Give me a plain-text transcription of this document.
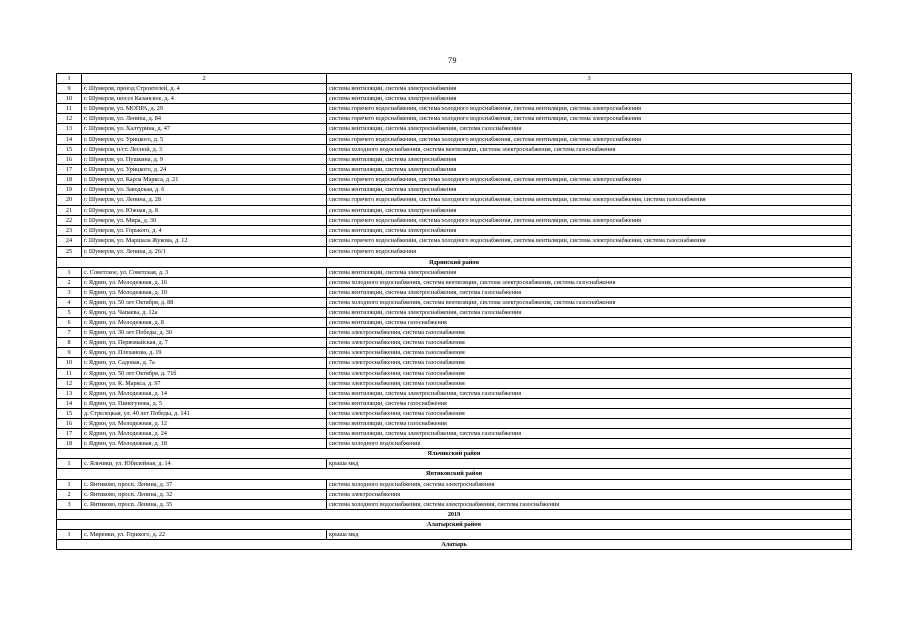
79
1	2	3
9	г. Шумерля, проезд Строителей, д. 4	система вентиляции, система электроснабжения
10	г. Шумерля, шоссе Казанское, д. 4	система вентиляции, система электроснабжения
11	г. Шумерля, ул. МОПРА, д. 29	система горячего водоснабжения, система холодного водоснабжения, система вентиляции, система электроснабжения
12	г. Шумерля, ул. Ленина, д. 84	система горячего водоснабжения, система холодного водоснабжения, система вентиляции, система электроснабжения
13	г. Шумерля, ул. Халтурина, д. 47	система вентиляции, система электроснабжения, система газоснабжения
14	г. Шумерля, ул. Урицкого, д. 5	система горячего водоснабжения, система холодного водоснабжения, система вентиляции, система электроснабжения
15	г. Шумерля, п/ст. Лесной, д. 3	система холодного водоснабжения, система вентиляции, система электроснабжения, система газоснабжения
16	г. Шумерля, ул. Пушкина, д. 9	система вентиляции, система электроснабжения
17	г. Шумерля, ул. Урицкого, д. 24	система вентиляции, система электроснабжения
18	г. Шумерля, ул. Карла Маркса, д. 21	система горячего водоснабжения, система холодного водоснабжения, система вентиляции, система электроснабжения
19	г. Шумерля, ул. Заводская, д. 6	система вентиляции, система электроснабжения
20	г. Шумерля, ул. Ленина, д. 28	система горячего водоснабжения, система холодного водоснабжения, система вентиляции, система электроснабжения, система газоснабжения
21	г. Шумерля, ул. Южная, д. 8	система вентиляции, система электроснабжения
22	г. Шумерля, ул. Мира, д. 30	система горячего водоснабжения, система холодного водоснабжения, система вентиляции, система электроснабжения
23	г. Шумерля, ул. Горького, д. 4	система вентиляции, система электроснабжения
24	г. Шумерля, ул. Маршала Жукова, д. 12	система горячего водоснабжения, система холодного водоснабжения, система вентиляции, система электроснабжения, система газоснабжения
25	г. Шумерля, ул. Ленина, д. 26/1	система горячего водоснабжения
Ядринский район		
1	с. Советское, ул. Советская, д. 3	система вентиляции, система электроснабжения
2	г. Ядрин, ул. Молодежная, д. 16	система холодного водоснабжения, система вентиляции, система электроснабжения, система газоснабжения
3	г. Ядрин, ул. Молодежная, д. 10	система вентиляции, система электроснабжения, система газоснабжения
4	г. Ядрин, ул. 50 лет Октября, д. 88	система холодного водоснабжения, система вентиляции, система электроснабжения, система газоснабжения
5	г. Ядрин, ул. Чапаева, д. 12а	система вентиляции, система электроснабжения, система газоснабжения
6	г. Ядрин, ул. Молодежная, д. 8	система вентиляции, система газоснабжения
7	г. Ядрин, ул. 30 лет Победы, д. 30	система электроснабжения, система газоснабжения
8	г. Ядрин, ул. Первомайская, д. 7	система электроснабжения, система газоснабжения
9	г. Ядрин, ул. Плеханова, д. 19	система электроснабжения, система газоснабжения
10	г. Ядрин, ул. Садовая, д. 7а	система электроснабжения, система газоснабжения
11	г. Ядрин, ул. 50 лет Октября, д. 71б	система электроснабжения, система газоснабжения
12	г. Ядрин, ул. К. Маркса, д. 97	система электроснабжения, система газоснабжения
13	г. Ядрин, ул. Молодежная, д. 14	система вентиляции, система электроснабжения, система газоснабжения
14	г. Ядрин, ул. Пинегунова, д. 5	система вентиляции, система газоснабжения
15	д. Стрелецкая, ул. 40 лет Победы, д. 141	система электроснабжения, система газоснабжения
16	г. Ядрин, ул. Молодежная, д. 12	система вентиляции, система газоснабжения
17	г. Ядрин, ул. Молодежная, д. 24	система вентиляции, система электроснабжения, система газоснабжения
18	г. Ядрин, ул. Молодежная, д. 18	система холодного водоснабжения
Яльчикский район		
1	с. Яльчики, ул. Юбилейная, д. 14	крыша мкд
Янтиковский район		
1	с. Янтиково, просп. Ленина, д. 37	система холодного водоснабжения, система электроснабжения
2	с. Янтиково, просп. Ленина, д. 32	система электроснабжения
3	с. Янтиково, просп. Ленина, д. 35	система холодного водоснабжения, система электроснабжения, система газоснабжения
2019		
Алатырский район		
1	с. Миренки, ул. Горького, д. 22	крыша мкд
Алатырь		
